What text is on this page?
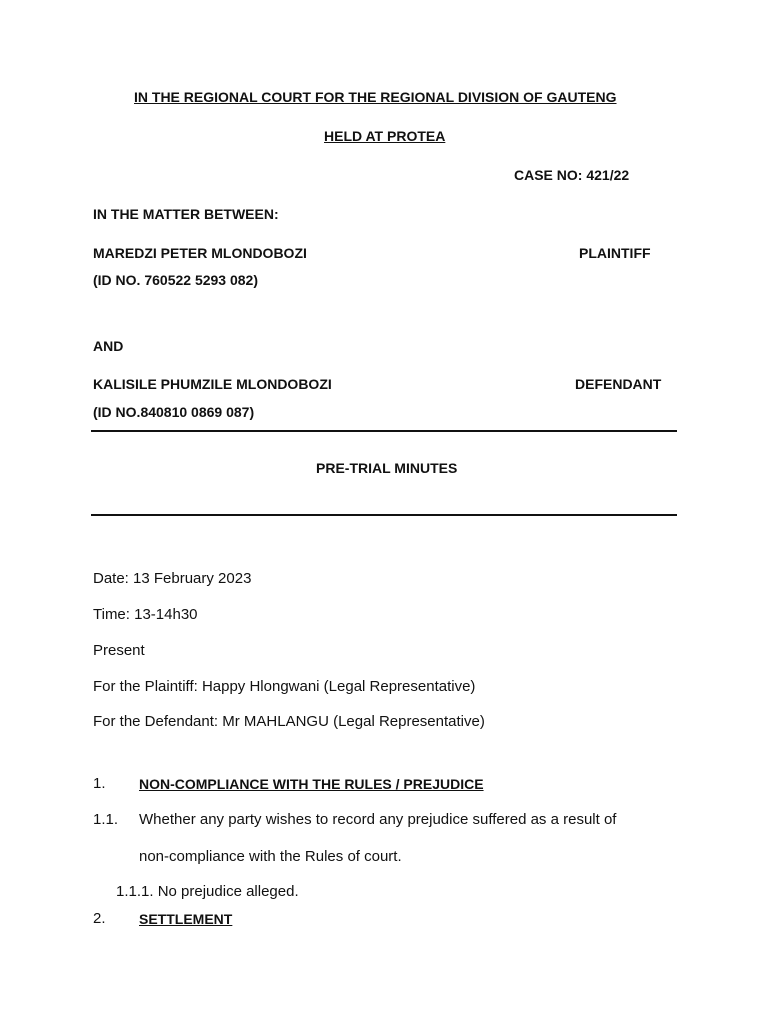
IN THE REGIONAL COURT FOR THE REGIONAL DIVISION OF GAUTENG
HELD AT PROTEA
CASE NO: 421/22
IN THE MATTER BETWEEN:
MAREDZI PETER MLONDOBOZI	PLAINTIFF
(ID NO. 760522 5293 082)
AND
KALISILE PHUMZILE MLONDOBOZI	DEFENDANT
(ID NO.840810 0869 087)
PRE-TRIAL MINUTES
Date: 13 February 2023
Time: 13-14h30
Present
For the Plaintiff: Happy Hlongwani (Legal Representative)
For the Defendant: Mr MAHLANGU (Legal Representative)
1. NON-COMPLIANCE WITH THE RULES / PREJUDICE
1.1. Whether any party wishes to record any prejudice suffered as a result of
non-compliance with the Rules of court.
1.1.1. No prejudice alleged.
2. SETTLEMENT
